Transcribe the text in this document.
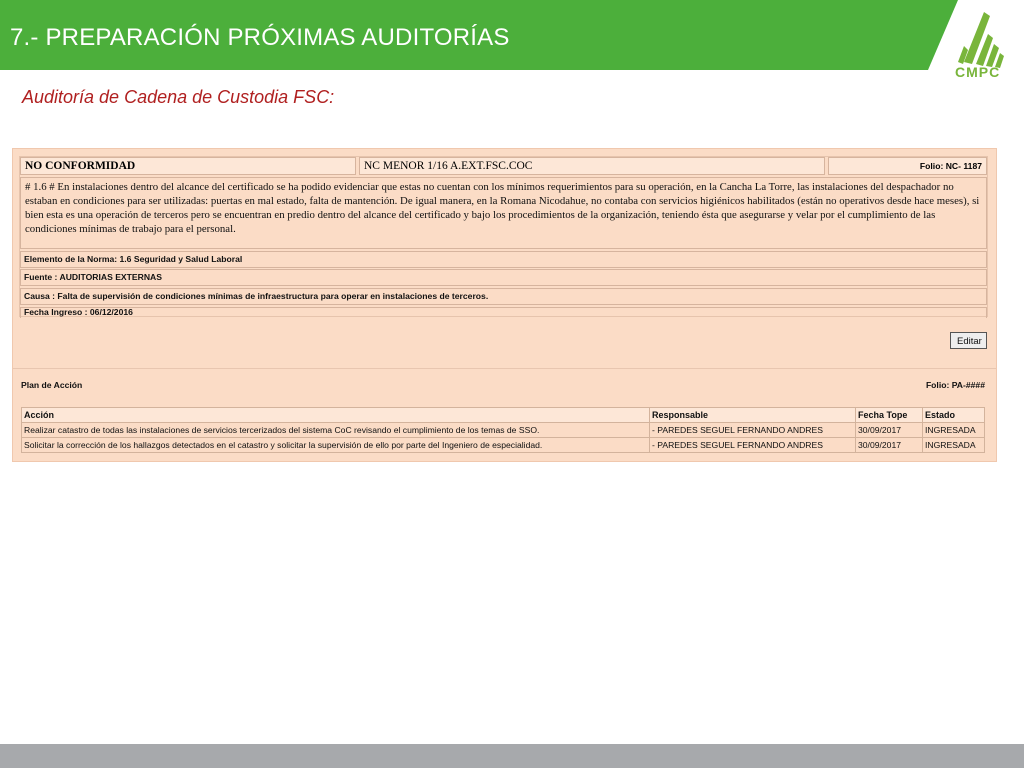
7.- PREPARACIÓN PRÓXIMAS AUDITORÍAS
CMPC
Auditoría de Cadena de Custodia FSC:
NO CONFORMIDAD	NC MENOR 1/16 A.EXT.FSC.COC	Folio: NC- 1187
# 1.6 # En instalaciones dentro del alcance del certificado se ha podido evidenciar que estas no cuentan con los mínimos requerimientos para su operación, en la Cancha La Torre, las instalaciones del despachador no estaban en condiciones para ser utilizadas: puertas en mal estado, falta de mantención. De igual manera, en la Romana Nicodahue, no contaba con servicios higiénicos habilitados (están no operativos desde hace meses), si bien esta es una operación de terceros pero se encuentran en predio dentro del alcance del certificado y bajo los procedimientos de la organización, teniendo ésta que asegurarse y velar por el cumplimiento de las condiciones mínimas de trabajo para el personal.
Elemento de la Norma: 1.6 Seguridad y Salud Laboral
Fuente : AUDITORIAS EXTERNAS
Causa : Falta de supervisión de condiciones mínimas de infraestructura para operar en instalaciones de terceros.
Fecha Ingreso : 06/12/2016
Editar
Plan de Acción	Folio: PA-####
Acción	Responsable	Fecha Tope	Estado
Realizar catastro de todas las instalaciones de servicios tercerizados del sistema CoC revisando el cumplimiento de los temas de SSO.	- PAREDES SEGUEL FERNANDO ANDRES	30/09/2017	INGRESADA
Solicitar la corrección de los hallazgos detectados en el catastro y solicitar la supervisión de ello por parte del Ingeniero de especialidad.	- PAREDES SEGUEL FERNANDO ANDRES	30/09/2017	INGRESADA
